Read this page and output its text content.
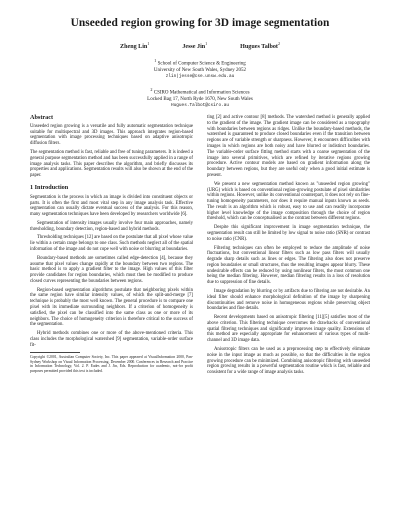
Unseeded region growing for 3D image segmentation
Zheng Lin$^1$
Jesse Jin$^1$
Hugues Talbot$^2$
$^1$ School of Computer Science & Engineering
University of New South Wales, Sydney 2052
zlin|jesse@cse.unsw.edu.au
$^2$ CSIRO Mathematical and Information Sciences
Locked Bag 17, North Ryde 1670, New South Wales
Hugues.Talbot@csiro.au
Abstract

Unseeded region growing is a versatile and fully automatic segmentation technique suitable for multispectral and 3D images. This approach integrates region-based segmentation with image processing techniques based on adaptive anisotropic diffusion filters.

The segmentation method is fast, reliable and free of tuning parameters. It is indeed a general purpose segmentation method and has been successfully applied in a range of image analysis tasks. This paper describes the algorithm, and briefly discusses its properties and applications. Segmentation results will also be shown at the end of the paper.

1 Introduction

Segmentation is the process in which an image is divided into constituent objects or parts. It is often the first and most vital step in any image analysis task. Effective segmentation can usually dictate eventual success of the analysis. For this reason, many segmentation techniques have been developed by researchers worldwide [6].

Segmentation of intensity images usually involve four main approaches, namely thresholding, boundary detection, region-based and hybrid methods.

Thresholding techniques [12] are based on the postulate that all pixel whose value lie within a certain range belongs to one class. Such methods neglect all of the spatial information of the image and do not cope well with noise or blurring at boundaries.

Boundary-based methods are sometimes called edge-detection [4], because they assume that pixel values change rapidly at the boundary between two regions. The basic method is to apply a gradient filter to the image. High values of this filter provide candidates for region boundaries, which must then be modified to produce closed curves representing the boundaries between regions.

Region-based segmentation algorithms postulate that neighboring pixels within the same region have similar intensity values, of which the split-and-merge [7] technique is probably the most well known. The general procedure is to compare one pixel with its immediate surrounding neighbors. If a criterion of homogeneity is satisfied, the pixel can be classified into the same class as one or more of its neighbors. The choice of homogeneity criterion is therefore critical to the success of the segmentation.

Hybrid methods combines one or more of the above-mentioned criteria. This class includes the morphological watershed [9] segmentation, variable-order surface fit-

Copyright ©2001, Australian Computer Society, Inc. This paper appeared at VisualInformation 2000, Pan-Sydney Workshop on Visual Information Processing, December 2000. Conferences in Research and Practice in Information Technology, Vol. 2. P. Eades and J. Jin, Eds. Reproduction for academic, not-for profit purposes permitted provided this text is included.

ting [2] and active contour [8] methods. The watershed method is generally applied to the gradient of the image. The gradient image can be considered as a topography with boundaries between regions as ridges. Unlike the boundary-based methods, the watershed is guaranteed to produce closed boundaries even if the transition between regions are of variable strength or sharpness. However, it encounters difficulties with images in which regions are both noisy and have blurred or indistinct boundaries. The variable-order surface fitting method starts with a coarse segmentation of the image into several primitives, which are refined by iterative regions growing procedure. Active contour models are based on gradient information along the boundary between regions, but they are useful only when a good initial estimate is present.

We present a new segmentation method known as "unseeded region growing" (URG) which is based on conventional region-growing postulate of pixel similarities within regions. However, unlike its conventional counterpart, it does not rely on fine-tuning homogeneity parameters, nor does it require manual inputs known as seeds. The result is an algorithm which is robust, easy to use and can readily incorporate higher level knowledge of the image composition through the choice of region threshold, which can be conceptualised as the contrast between different regions.

Despite this significant improvement in image segmentation technique, the segmentation result can still be limited by low signal to noise ratio (SNR) or contrast to noise ratio (CNR).

Filtering techniques can often be employed to reduce the amplitude of noise fluctuations, but conventional linear filters such as low pass filters will usually degrade sharp details such as lines or edges. The filtering also does not preserve region boundaries or small structures, thus the resulting images appear blurry. These undesirable effects can be reduced by using nonlinear filters, the most common one being the median filtering. However, median filtering results in a loss of resolution due to suppression of fine details.

Image degradation by blurring or by artifacts due to filtering are not desirable. An ideal filter should enhance morphological definition of the image by sharpening discontinuities and remove noise in homogeneous regions while preserving object boundaries and fine details.

Recent developments based on anisotropic filtering [11][5] satisfies most of the above criterion. This filtering technique overcomes the drawbacks of conventional spatial filtering techniques and significantly improves image quality. Extensions of this method are especially appropriate for enhancement of various types of multi-channel and 3D image data.

Anisotropic filters can be used as a preprocessing step to effectively eliminate noise in the input image as much as possible, so that the difficulties in the region growing procedure can be minimized. Combining anisotropic filtering with unseeded region growing results in a powerful segmentation routine which is fast, reliable and consistent for a wide range of image analysis tasks.
